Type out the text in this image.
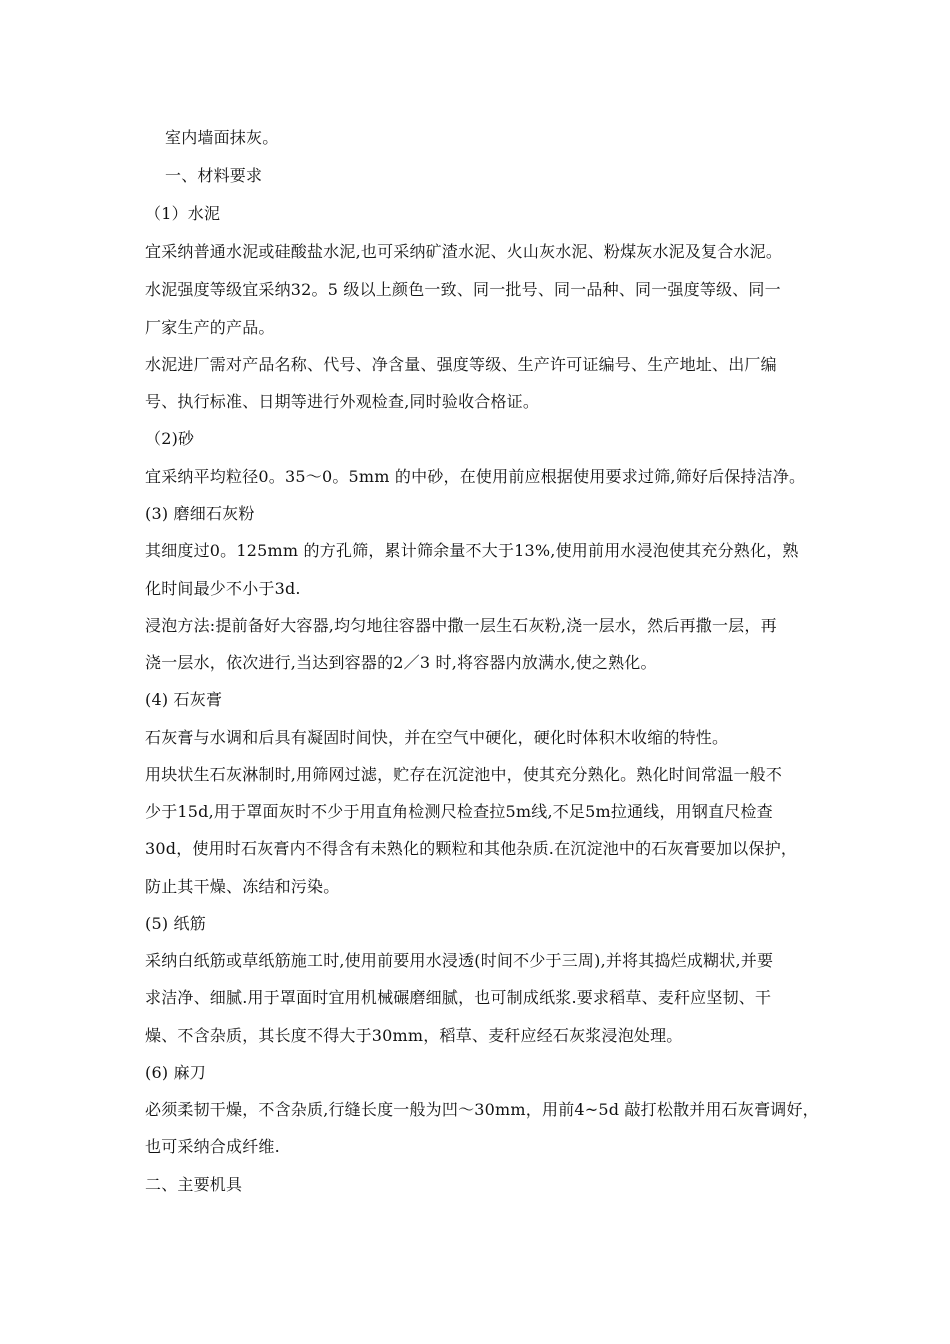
室内墙面抹灰。
一、材料要求
（1）水泥
宜采纳普通水泥或硅酸盐水泥,也可采纳矿渣水泥、火山灰水泥、粉煤灰水泥及复合水泥。
水泥强度等级宜采纳32。5 级以上颜色一致、同一批号、同一品种、同一强度等级、同一
厂家生产的产品。
水泥进厂需对产品名称、代号、净含量、强度等级、生产许可证编号、生产地址、出厂编
号、执行标准、日期等进行外观检查,同时验收合格证。
（2)砂
宜采纳平均粒径0。35～0。5mm 的中砂，在使用前应根据使用要求过筛,筛好后保持洁净。
(3) 磨细石灰粉
其细度过0。125mm 的方孔筛，累计筛余量不大于13%,使用前用水浸泡使其充分熟化，熟
化时间最少不小于3d.
浸泡方法:提前备好大容器,均匀地往容器中撒一层生石灰粉,浇一层水，然后再撒一层，再
浇一层水，依次进行,当达到容器的2／3 时,将容器内放满水,使之熟化。
(4) 石灰膏
石灰膏与水调和后具有凝固时间快，并在空气中硬化，硬化时体积木收缩的特性。
用块状生石灰淋制时,用筛网过滤，贮存在沉淀池中，使其充分熟化。熟化时间常温一般不
少于15d,用于罩面灰时不少于用直角检测尺检查拉5m线,不足5m拉通线，用钢直尺检查
30d，使用时石灰膏内不得含有未熟化的颗粒和其他杂质.在沉淀池中的石灰膏要加以保护，
防止其干燥、冻结和污染。
(5) 纸筋
采纳白纸筋或草纸筋施工时,使用前要用水浸透(时间不少于三周),并将其捣烂成糊状,并要
求洁净、细腻.用于罩面时宜用机械碾磨细腻，也可制成纸浆.要求稻草、麦秆应坚韧、干
燥、不含杂质，其长度不得大于30mm，稻草、麦秆应经石灰浆浸泡处理。
(6) 麻刀
必须柔韧干燥，不含杂质,行缝长度一般为凹～30mm，用前4~5d 敲打松散并用石灰膏调好，
也可采纳合成纤维.
二、主要机具
